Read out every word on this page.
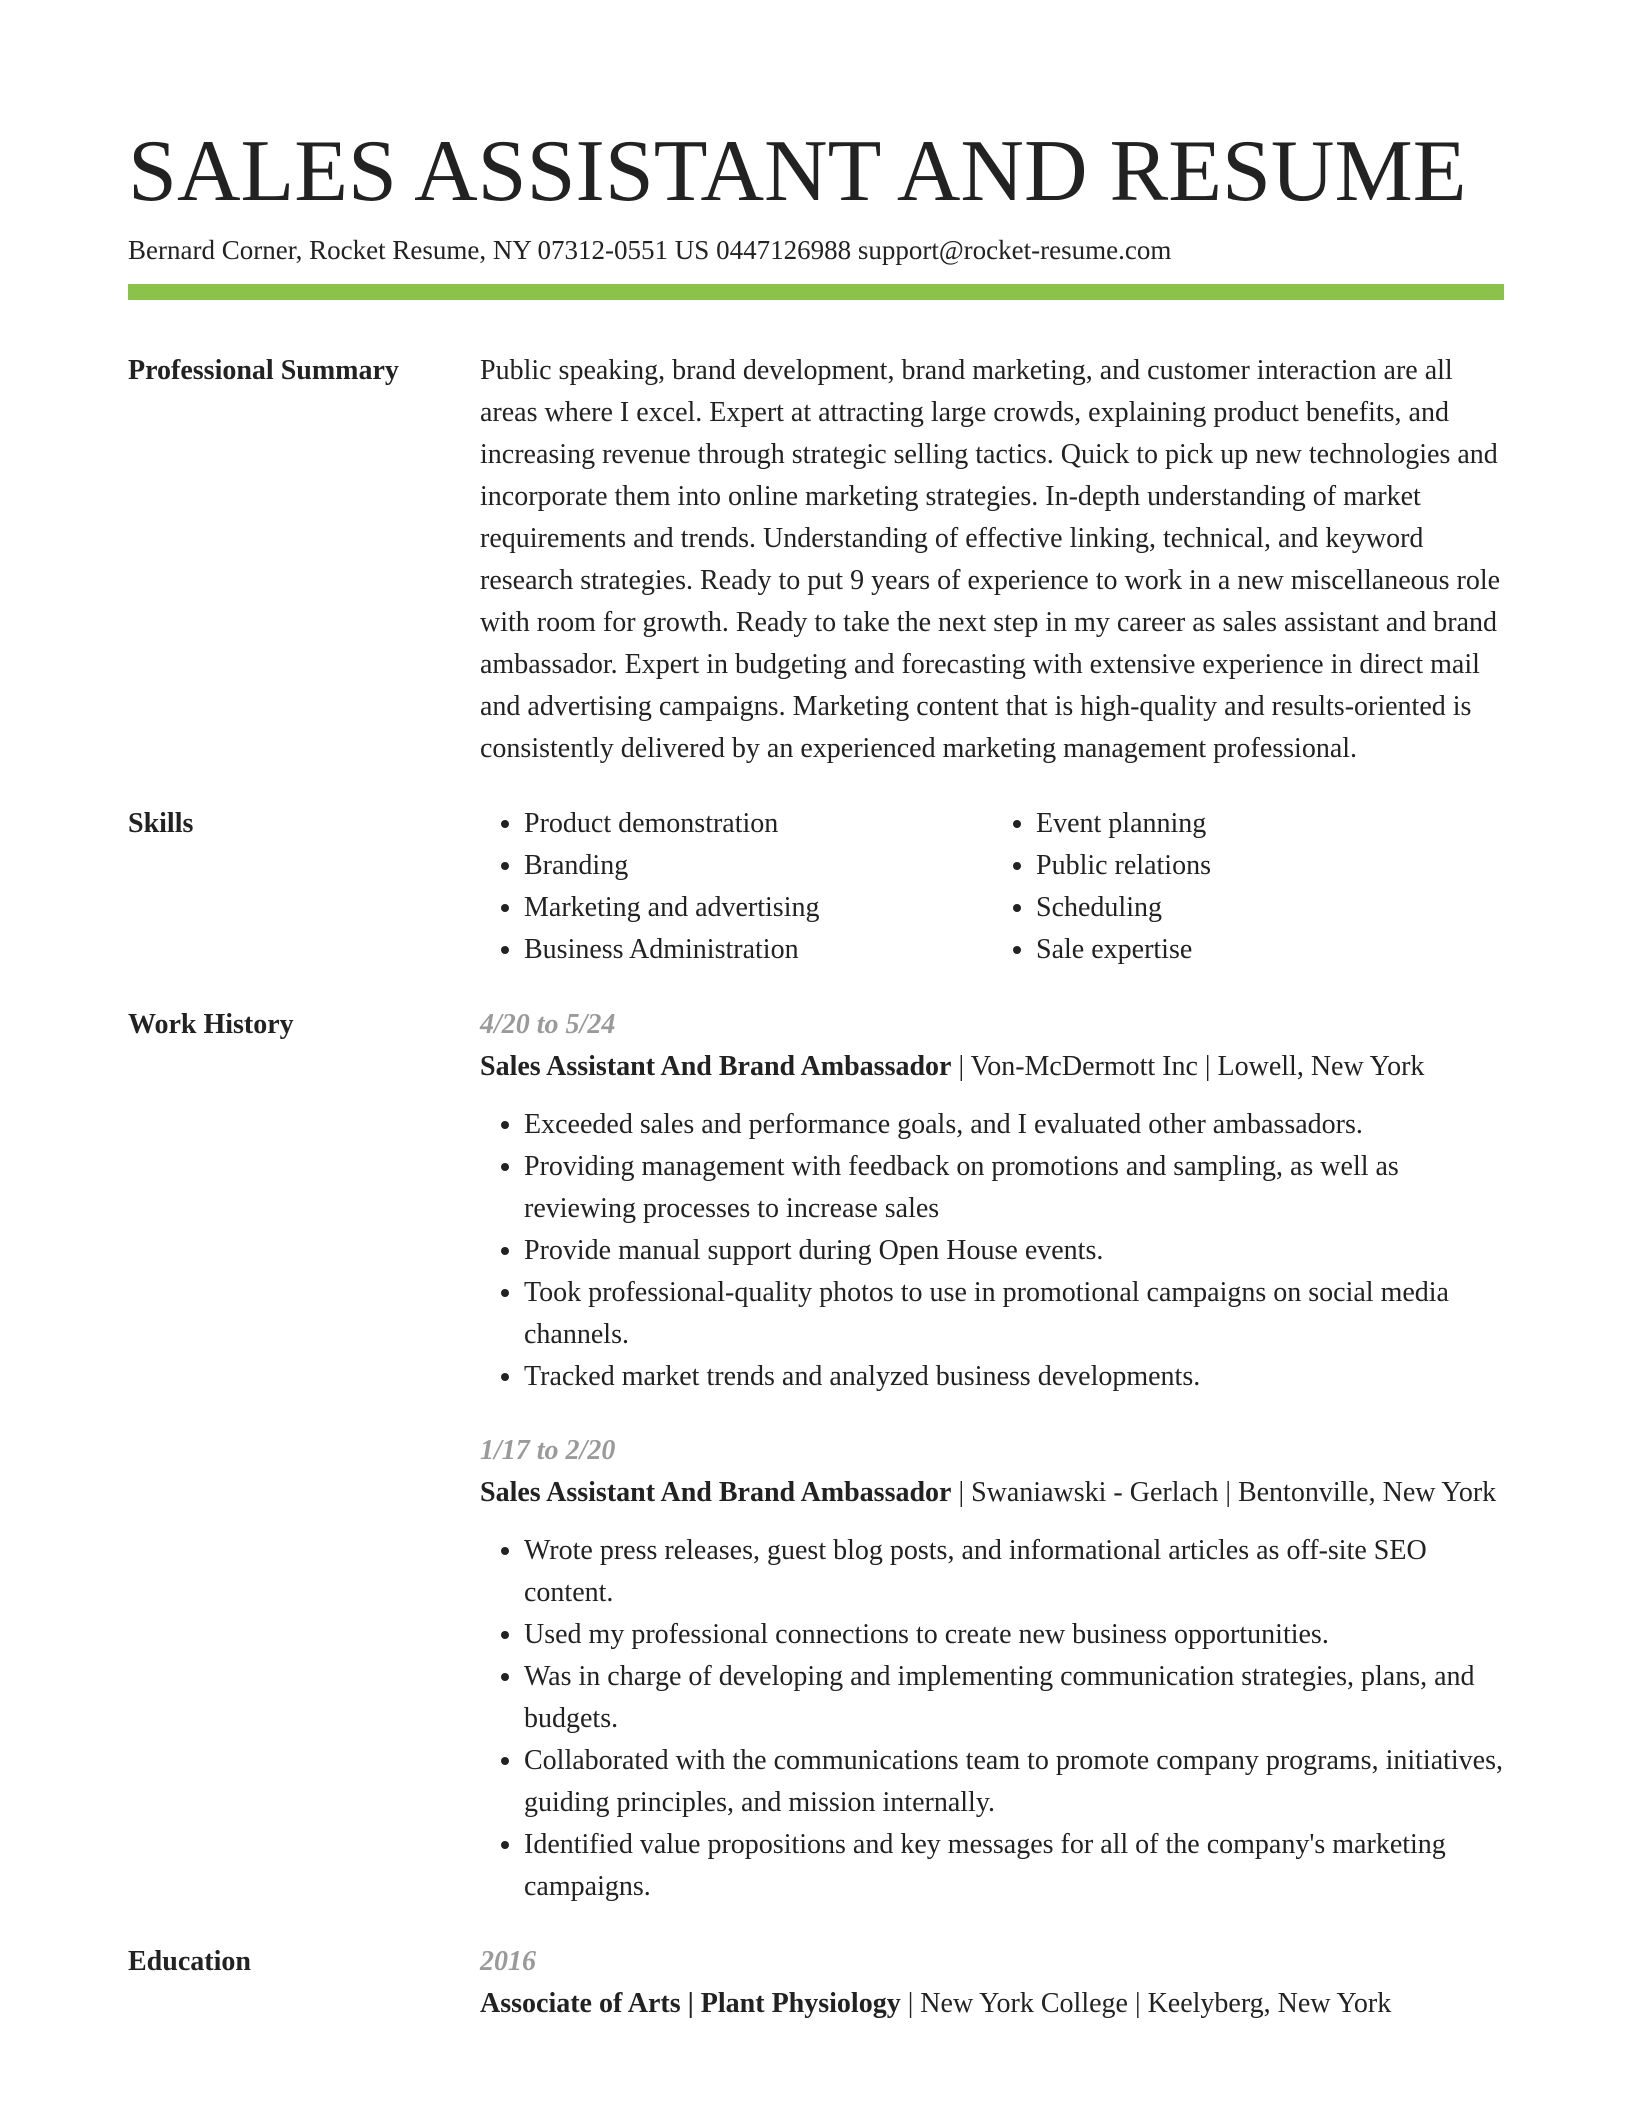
SALES ASSISTANT AND RESUME
Bernard Corner, Rocket Resume, NY 07312-0551 US 0447126988 support@rocket-resume.com
Professional Summary	Public speaking, brand development, brand marketing, and customer interaction are all areas where I excel. Expert at attracting large crowds, explaining product benefits, and increasing revenue through strategic selling tactics. Quick to pick up new technologies and incorporate them into online marketing strategies. In-depth understanding of market requirements and trends. Understanding of effective linking, technical, and keyword research strategies. Ready to put 9 years of experience to work in a new miscellaneous role with room for growth. Ready to take the next step in my career as sales assistant and brand ambassador. Expert in budgeting and forecasting with extensive experience in direct mail and advertising campaigns. Marketing content that is high-quality and results-oriented is consistently delivered by an experienced marketing management professional.

Skills
•	Product demonstration
• Branding
• Marketing and advertising
• Business Administration
• Event planning
• Public relations
• Scheduling
• Sale expertise
Work History	4/20 to 5/24
Sales Assistant And Brand Ambassador | Von-McDermott Inc | Lowell, New York
• Exceeded sales and performance goals, and I evaluated other ambassadors.
• Providing management with feedback on promotions and sampling, as well as reviewing processes to increase sales
• Provide manual support during Open House events.
• Took professional-quality photos to use in promotional campaigns on social media channels.
• Tracked market trends and analyzed business developments.
1/17 to 2/20
Sales Assistant And Brand Ambassador | Swaniawski - Gerlach | Bentonville, New York
• Wrote press releases, guest blog posts, and informational articles as off-site SEO content.
• Used my professional connections to create new business opportunities.
• Was in charge of developing and implementing communication strategies, plans, and budgets.
• Collaborated with the communications team to promote company programs, initiatives, guiding principles, and mission internally.
• Identified value propositions and key messages for all of the company's marketing campaigns.
Education	2016
Associate of Arts | Plant Physiology | New York College | Keelyberg, New York
